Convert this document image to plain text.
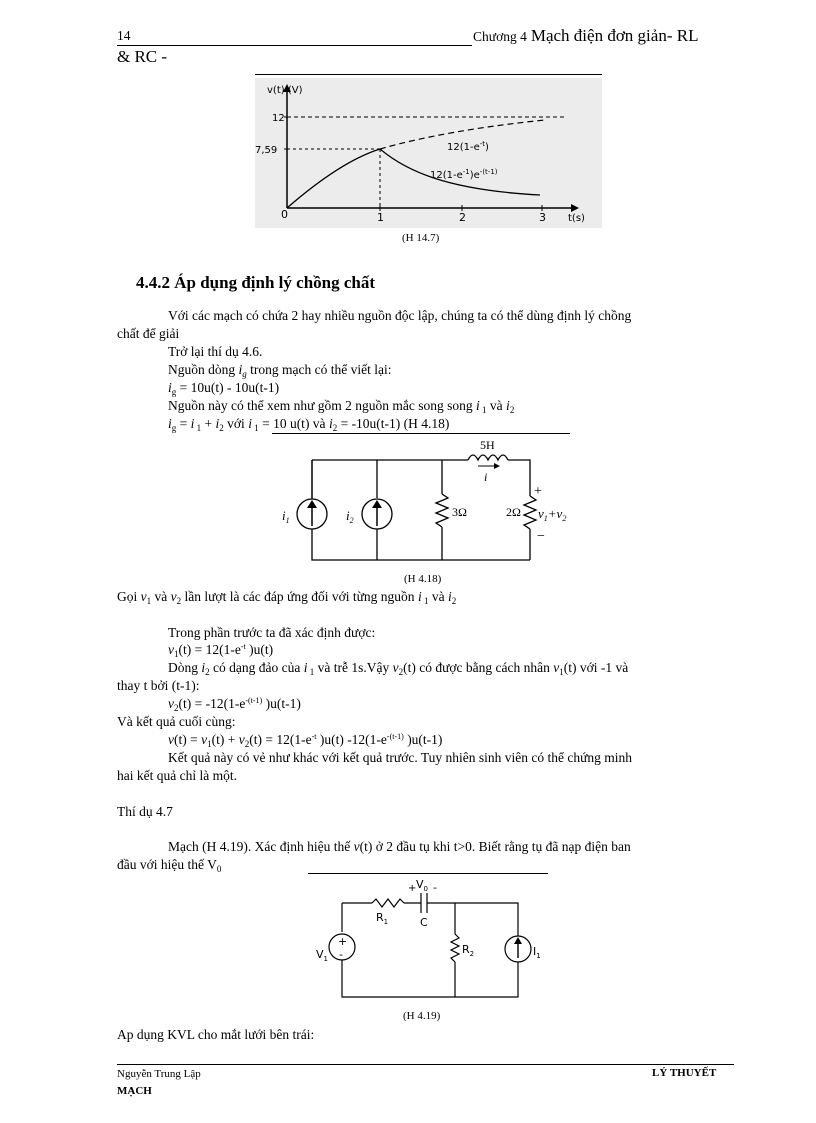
14	Chương 4 Mạch điện đơn giản- RL
& RC -
v(t) (V)
12
7,59
0	1	2	3 t(s)
$12(1-e^{-t})$
$12(1-e^{-1})e^{-(t-1)}$
(H 14.7)
4.4.2 Áp dụng định lý chồng chất
Với các mạch có chứa 2 hay nhiều nguồn độc lập, chúng ta có thể dùng định lý chồng
chất để giải
Trở lại thí dụ 4.6.
Nguồn dòng $i_g$ trong mạch có thể viết lại:
$i_g = 10u(t) - 10u(t-1)$
Nguồn này có thể xem như gồm 2 nguồn mắc song song i $_1$ và $i_2$
$i_g = i$ $_1 + i_2$ với i $_1$ = 10 u(t) và $i_2 = -10u(t-1)$ (H 4.18)
5H
i
$i_1$	$i_2$
3Ω	2Ω
+
−
$v_1+v_2$
(H 4.18)
Gọi $v_1$ và $v_2$ lần lượt là các đáp ứng đối với từng nguồn i $_1$ và $i_2$
Trong phần trước ta đã xác định được:
$v_1(t) = 12(1-e^{-t}$ )u(t)
Dòng $i_2$ có dạng đảo của i $_1$ và trễ 1s.Vậy $v_2(t)$ có được bằng cách nhân $v_1(t)$ với -1 và
thay t bởi (t-1):
$v_2(t) = -12(1-e^{-(t-1)}$ )u(t-1)
Và kết quả cuối cùng:
$v(t) = v_1(t) + v_2(t) = 12(1-e^{-t}$ )u(t) $-12(1-e^{-(t-1)}$ )u(t-1)
Kết quả này có vẻ như khác với kết quả trước. Tuy nhiên sinh viên có thể chứng minh
hai kết quả chỉ là một.
Thí dụ 4.7
Mạch (H 4.19). Xác định hiệu thế v(t) ở 2 đầu tụ khi t>0. Biết rằng tụ đã nạp điện ban
đầu với hiệu thế $V_0$
+
-
+ -
$V_0$
$R_1$	C
$R_2$
$V_1$
$I_1$
(H 4.19)
Ap dụng KVL cho mắt lưới bên trái:
Nguyễn Trung Lập	LÝ THUYẾT
MẠCH
